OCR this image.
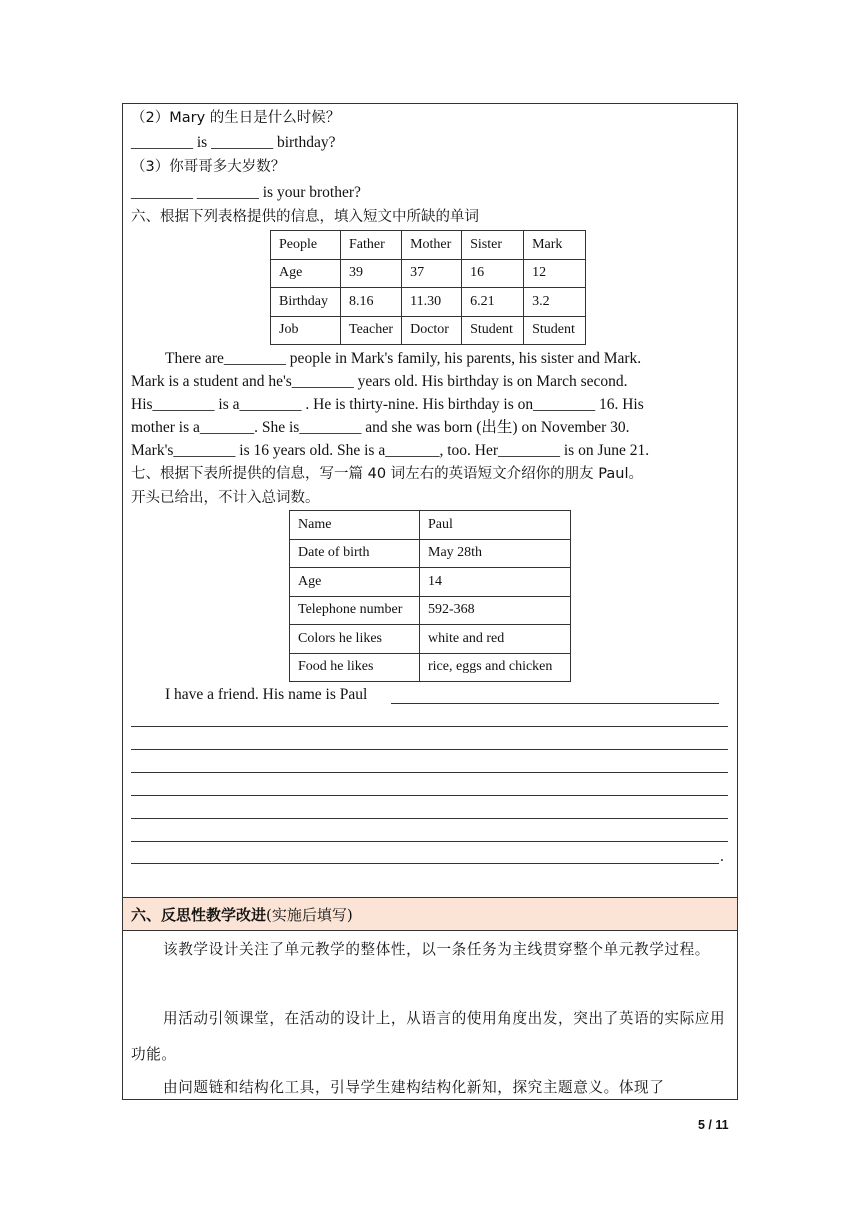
（2）Mary 的生日是什么时候？
________ is ________ birthday?
（3）你哥哥多大岁数？
________ ________ is your brother?
六、根据下列表格提供的信息，填入短文中所缺的单词
People	Father	Mother	Sister	Mark
Age	39	37	16	12
Birthday	8.16	11.30	6.21	3.2
Job	Teacher	Doctor	Student	Student
There are________ people in Mark's family, his parents, his sister and Mark.
Mark is a student and he's________ years old. His birthday is on March second.
His________ is a________ . He is thirty-nine. His birthday is on________ 16. His
mother is a_______. She is________ and she was born (出生) on November 30.
Mark's________ is 16 years old. She is a_______, too. Her________ is on June 21.
七、根据下表所提供的信息，写一篇 40 词左右的英语短文介绍你的朋友 Paul。
开头已给出，不计入总词数。
Name	Paul
Date of birth	May 28th
Age	14
Telephone number	592-368
Colors he likes	white and red
Food he likes	rice, eggs and chicken
I have a friend. His name is Paul
.
六、反思性教学改进(实施后填写)
该教学设计关注了单元教学的整体性，以一条任务为主线贯穿整个单元教学过程。
用活动引领课堂，在活动的设计上，从语言的使用角度出发，突出了英语的实际应用功能。
由问题链和结构化工具，引导学生建构结构化新知，探究主题意义。体现了
5 / 11
